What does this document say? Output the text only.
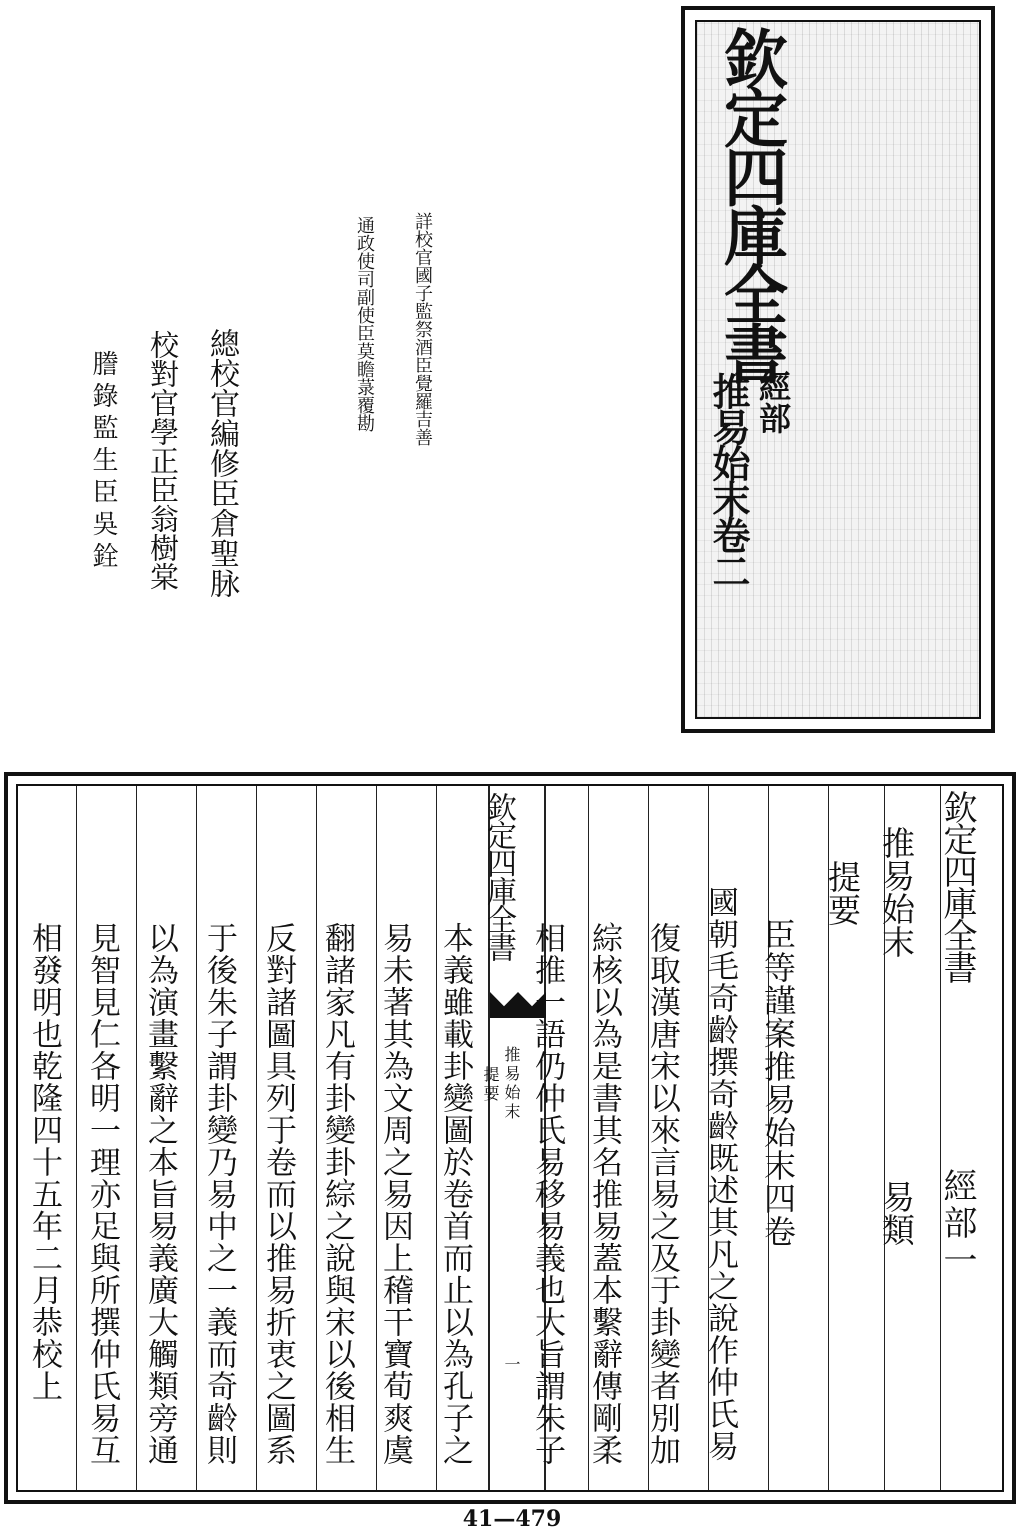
欽定四庫全書
經部
推易始末卷二
詳校官國子監祭酒臣覺羅吉善
通政使司副使臣莫瞻菉覆勘
總校官編修臣倉聖脉
校對官學正臣翁樹棠
謄錄監生臣吳銓
欽定四庫全書
經部一
推易始末
易類
提要
臣等謹案推易始末四卷
國朝毛奇齡撰奇齡既述其凡之說作仲氏易
復取漢唐宋以來言易之及于卦變者別加
綜核以為是書其名推易蓋本繫辭傳剛柔
相推一語仍仲氏易移易義也大旨謂朱子
欽定四庫全書
推易始末
提要
一
本義雖載卦變圖於卷首而止以為孔子之
易未著其為文周之易因上稽干寶荀爽虞
翻諸家凡有卦變卦綜之說與宋以後相生
反對諸圖具列于卷而以推易折衷之圖系
于後朱子謂卦變乃易中之一義而奇齡則
以為演畫繫辭之本旨易義廣大觸類旁通
見智見仁各明一理亦足與所撰仲氏易互
相發明也乾隆四十五年二月恭校上
41—479
